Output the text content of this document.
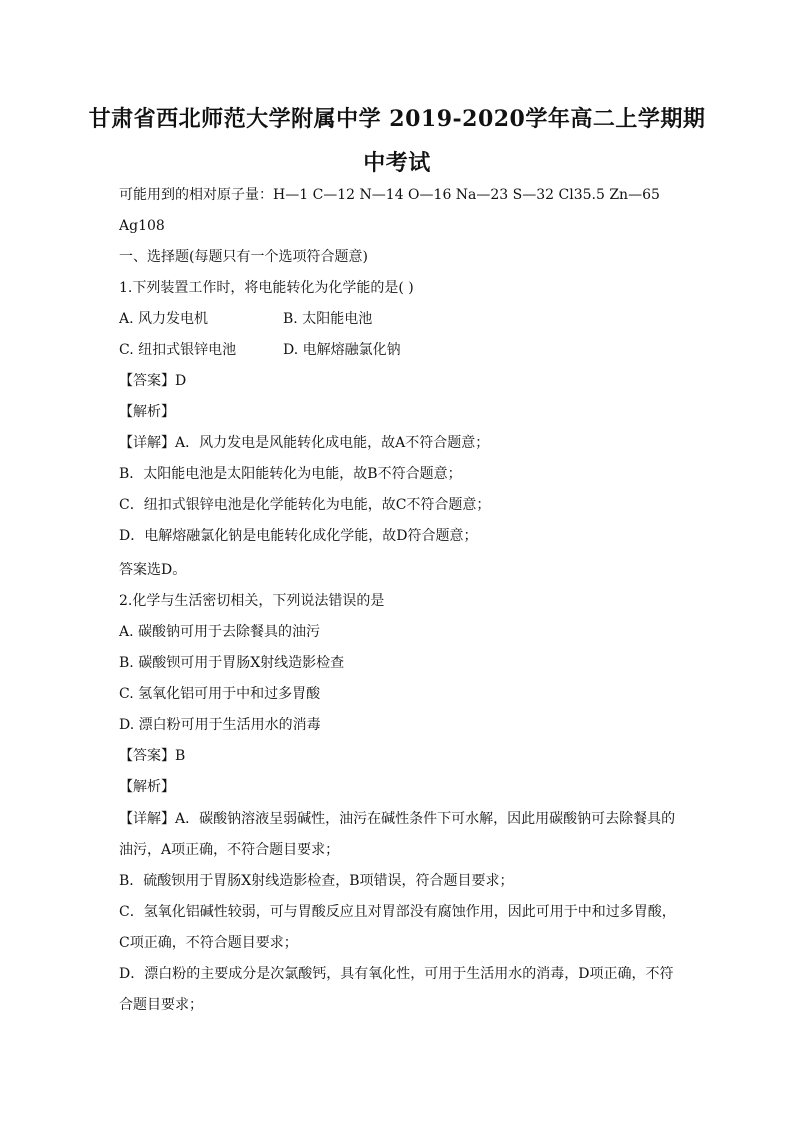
甘肃省西北师范大学附属中学 2019-2020学年高二上学期期
中考试
可能用到的相对原子量：H—1 C—12 N—14 O—16 Na—23 S—32 Cl35.5 Zn—65
Ag108
一、选择题(每题只有一个选项符合题意)
1.下列装置工作时，将电能转化为化学能的是( )
A. 风力发电机	B. 太阳能电池
C. 纽扣式银锌电池	D. 电解熔融氯化钠
【答案】D
【解析】
【详解】A．风力发电是风能转化成电能，故A不符合题意；
B．太阳能电池是太阳能转化为电能，故B不符合题意；
C．纽扣式银锌电池是化学能转化为电能，故C不符合题意；
D．电解熔融氯化钠是电能转化成化学能，故D符合题意；
答案选D。
2.化学与生活密切相关，下列说法错误的是
A. 碳酸钠可用于去除餐具的油污
B. 碳酸钡可用于胃肠X射线造影检查
C. 氢氧化铝可用于中和过多胃酸
D. 漂白粉可用于生活用水的消毒
【答案】B
【解析】
【详解】A．碳酸钠溶液呈弱碱性，油污在碱性条件下可水解，因此用碳酸钠可去除餐具的
油污，A项正确，不符合题目要求；
B．硫酸钡用于胃肠X射线造影检查，B项错误，符合题目要求；
C．氢氧化铝碱性较弱，可与胃酸反应且对胃部没有腐蚀作用，因此可用于中和过多胃酸，
C项正确，不符合题目要求；
D．漂白粉的主要成分是次氯酸钙，具有氧化性，可用于生活用水的消毒，D项正确，不符
合题目要求；
